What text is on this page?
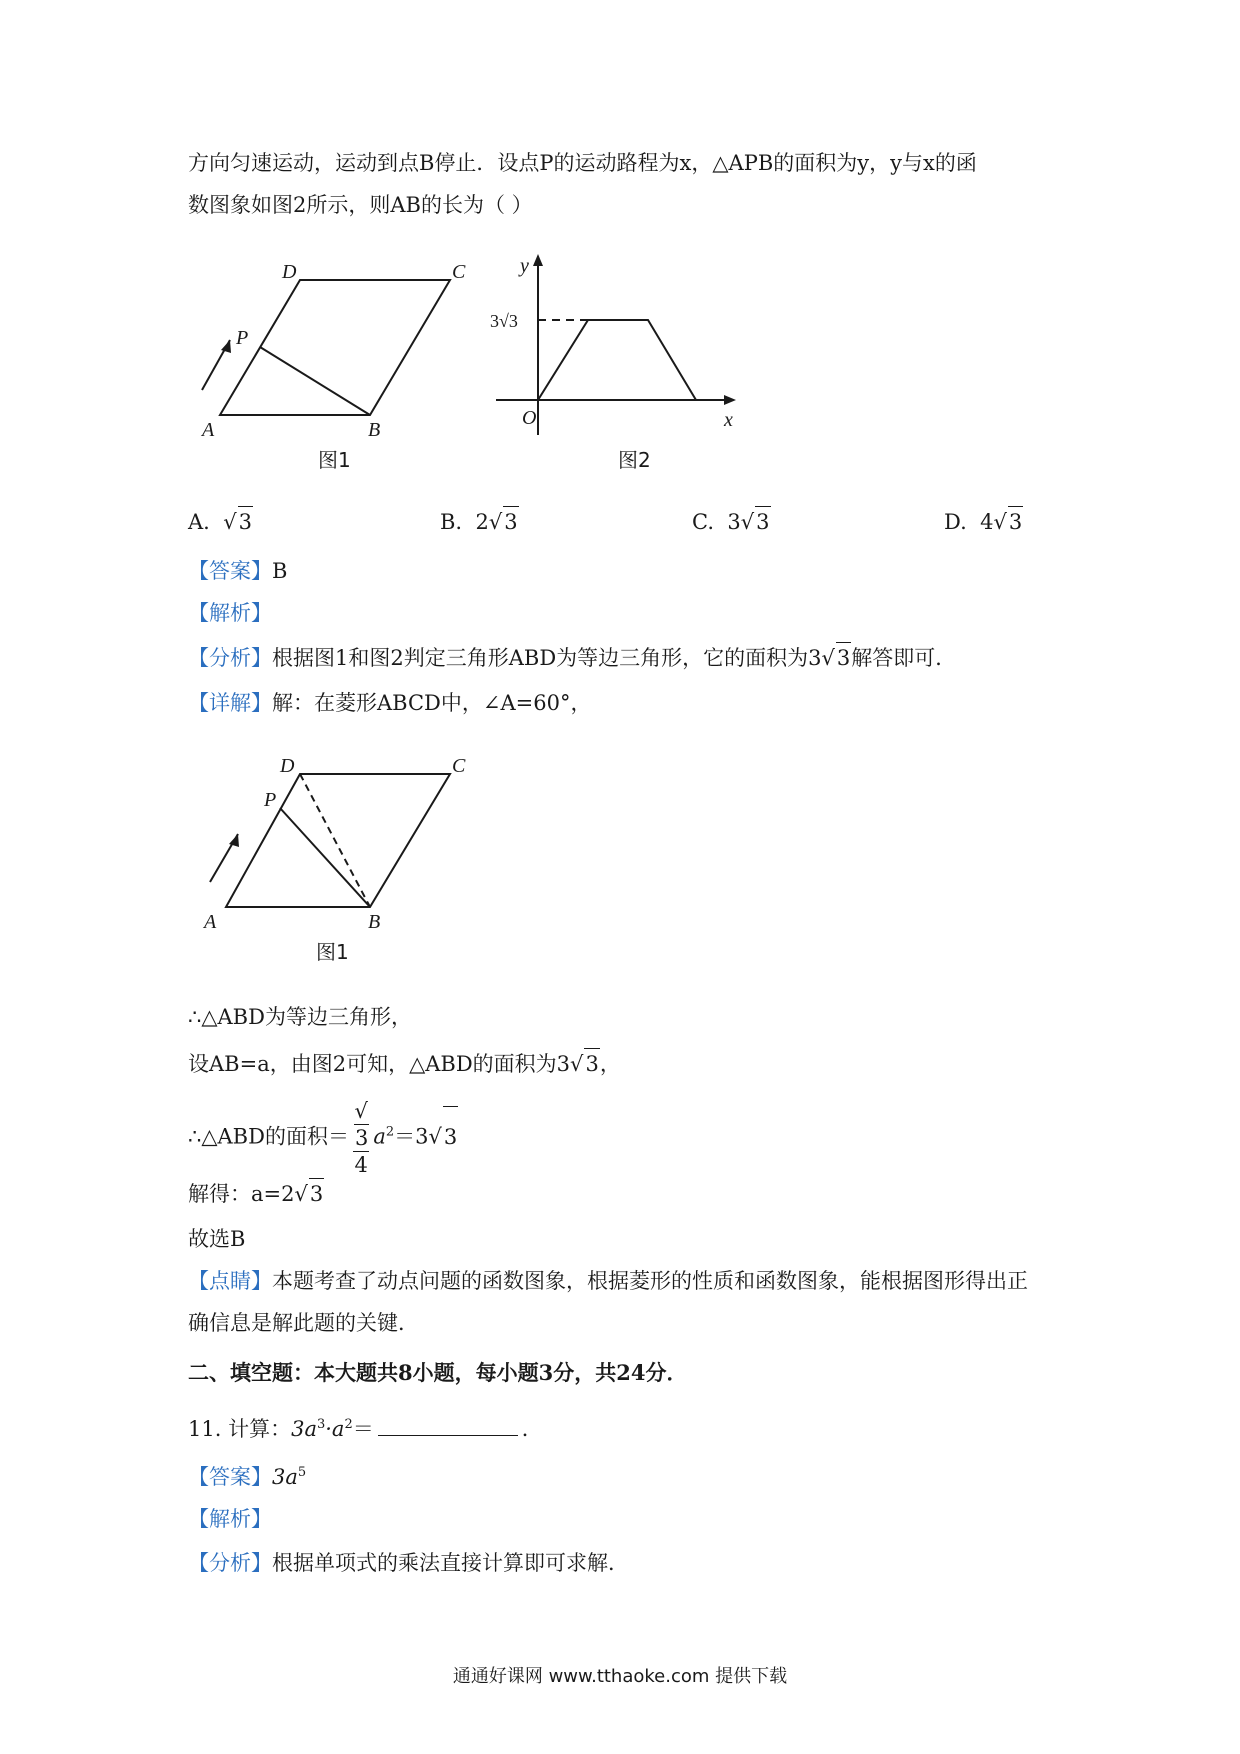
方向匀速运动，运动到点B停止．设点P的运动路程为x，△APB的面积为y，y与x的函
数图象如图2所示，则AB的长为（ ）
A	B
C
D
P
图1
y
x
O
3√3
图2
A. √3	B. 2√3	C. 3√3	D. 4√3
【答案】B
【解析】
【分析】根据图1和图2判定三角形ABD为等边三角形，它的面积为3√3解答即可．
【详解】解：在菱形ABCD中，∠A=60°，
A	B
C
D
P
图1
∴△ABD为等边三角形，
设AB=a，由图2可知，△ABD的面积为3√3，
∴△ABD的面积＝ √
3
4 $a^2=3√3$
解得：a=2√3
故选B
【点睛】本题考查了动点问题的函数图象，根据菱形的性质和函数图象，能根据图形得出正
确信息是解此题的关键．
二、填空题：本大题共8小题，每小题3分，共24分．
11. 计算：$3a^3\cdot a^2=$	．
【答案】$3a^5$
【解析】
【分析】根据单项式的乘法直接计算即可求解．
通通好课网 www.tthaoke.com 提供下载
